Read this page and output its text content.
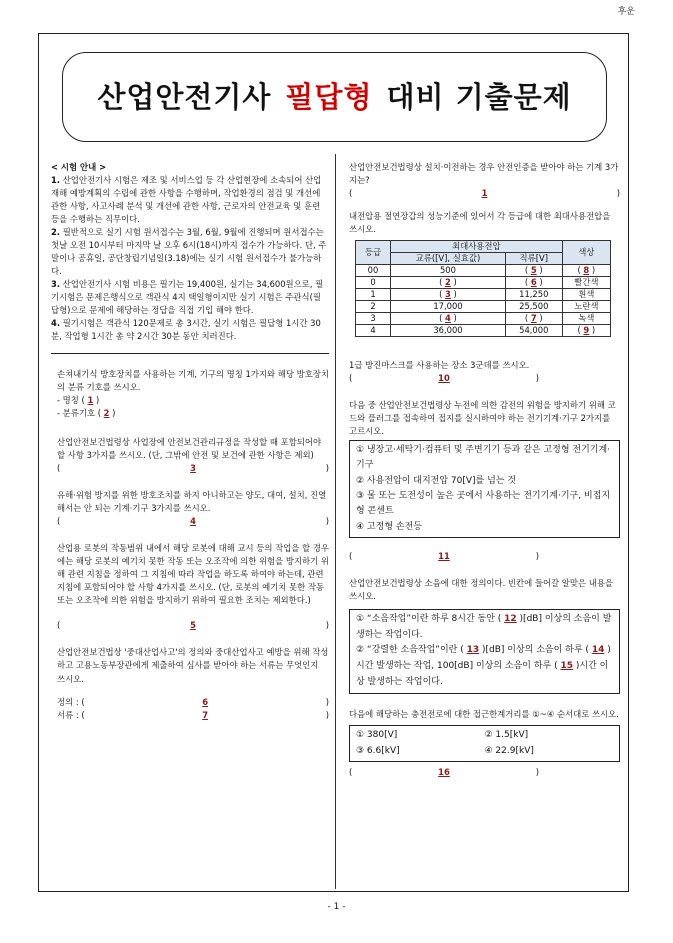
후운
산업안전기사 필답형 대비 기출문제

< 시험 안내 >

1. 산업안전기사 시험은 제조 및 서비스업 등 각 산업현장에 소속되어 산업재해 예방계획의 수립에 관한 사항을 수행하며, 작업환경의 점검 및 개선에 관한 사항, 사고사례 분석 및 개선에 관한 사항, 근로자의 안전교육 및 훈련 등을 수행하는 직무이다.

2. 필반적으로 실기 시험 원서접수는 3월, 6월, 9월에 진행되며 원서접수는 첫날 오전 10시부터 마지막 날 오후 6시(18시)까지 접수가 가능하다. 단, 주말이나 공휴일, 공단창립기념일(3.18)에는 실기 시험 원서접수가 불가능하다.

3. 산업안전기사 시험 비용은 필기는 19,400원, 실기는 34,600원으로, 필기시험은 문제은행식으로 객관식 4지 택일형이지만 실기 시험은 주관식(필답형)으로 문제에 해당하는 정답을 직접 기입 해야 한다.

4. 필기시험은 객관식 120문제로 총 3시간, 실기 시험은 필답형 1시간 30분, 작업형 1시간 총 약 2시간 30분 동안 치러진다.

손쳐내기식 방호장치를 사용하는 기계, 기구의 명칭 1가지와 해당 방호장치의 분류 기호를 쓰시오.

- 명칭 ( 1 )

- 분류기호 ( 2 )

산업안전보건법령상 사업장에 안전보건관리규정을 작성할 때 포함되어야 할 사항 3가지를 쓰시오. (단, 그밖에 안전 및 보건에 관한 사항은 제외)

(	3	)

유해·위험 방지를 위한 방호조치를 하지 아니하고는 양도, 대여, 설치, 진열해서는 안 되는 기계·기구 3가지를 쓰시오.

(	4	)

산업용 로봇의 작동범위 내에서 해당 로봇에 대해 교시 등의 작업을 할 경우에는 해당 로봇의 예기치 못한 작동 또는 오조작에 의한 위험을 방지하기 위해 관련 지침을 정하여 그 지침에 따라 작업을 하도록 하여야 하는데, 관련 지침에 포함되어야 할 사항 4가지를 쓰시오. (단, 로봇의 예기치 못한 작동 또는 오조작에 의한 위험을 방지하기 위하여 필요한 조치는 제외한다.)

(	5	)

산업안전보건법상 '중대산업사고'의 정의와 중대산업사고 예방을 위해 작성하고 고용노동부장관에게 제출하여 심사를 받아야 하는 서류는 무엇인지 쓰시오.

정의 : (	6	)

서류 : (	7	)

산업안전보건법령상 설치·이전하는 경우 안전인증을 받아야 하는 기계 3가지는?

(	1	)

내전압용 절연장갑의 성능기준에 있어서 각 등급에 대한 최대사용전압을 쓰시오.

등급	최대사용전압		색상
	교류([V], 실효값)	직류[V]	
00	500	( 5 )	( 8 )
0	( 2 )	( 6 )	빨간색
1	( 3 )	11,250	흰색
2	17,000	25,500	노란색
3	( 4 )	( 7 )	녹색
4	36,000	54,000	( 9 )

1급 방진마스크를 사용하는 장소 3군데를 쓰시오.

(	10	)

다음 중 산업안전보건법령상 누전에 의한 감전의 위험을 방지하기 위해 코드와 플러그를 접속하여 접지를 실시하여야 하는 전기기계·기구 2가지를 고르시오.

① 냉장고·세탁기·컴퓨터 및 주변기기 등과 같은 고정형 전기기계·기구

② 사용전압이 대지전압 70[V]를 넘는 것

③ 물 또는 도전성이 높은 곳에서 사용하는 전기기계·기구, 비접지형 콘센트

④ 고정형 손전등

(	11	)

산업안전보건법령상 소음에 대한 정의이다. 빈칸에 들어갈 알맞은 내용을 쓰시오.

① “소음작업”이란 하루 8시간 동안 ( 12 )[dB] 이상의 소음이 발생하는 작업이다.

② “강렬한 소음작업”이란 ( 13 )[dB] 이상의 소음이 하루 ( 14 )시간 발생하는 작업, 100[dB] 이상의 소음이 하루 ( 15 )시간 이상 발생하는 작업이다.

다음에 해당하는 충전전로에 대한 접근한계거리를 ①~④ 순서대로 쓰시오.

① 380[V]	② 1.5[kV]
③ 6.6[kV]	④ 22.9[kV]

(	16	)

- 1 -
